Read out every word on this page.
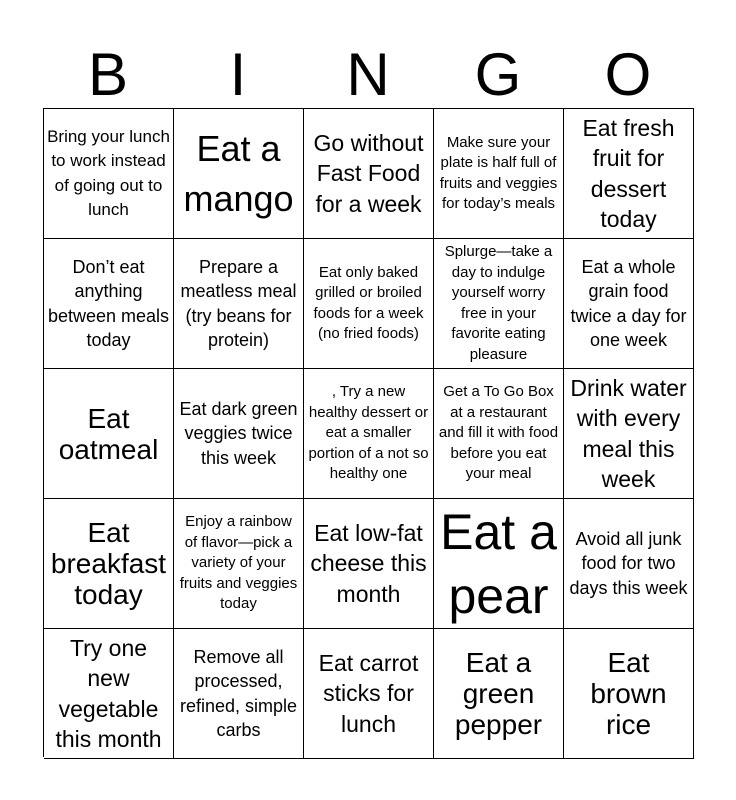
B	I	N	G	O
Bring your lunch to work instead of going out to lunch
Eat a mango
Go without Fast Food for a week
Make sure your plate is half full of fruits and veggies for today’s meals
Eat fresh fruit for dessert today
Don’t eat anything between meals today
Prepare a meatless meal (try beans for protein)
Eat only baked grilled or broiled foods for a week (no fried foods)
Splurge—take a day to indulge yourself worry free in your favorite eating pleasure
Eat a whole grain food twice a day for one week
Eat oatmeal
Eat dark green veggies twice this week
, Try a new healthy dessert or eat a smaller portion of a not so healthy one
Get a To Go Box at a restaurant and fill it with food before you eat your meal
Drink water with every meal this week
Eat breakfast today
Enjoy a rainbow of flavor—pick a variety of your fruits and veggies today
Eat low-fat cheese this month
Eat a pear
Avoid all junk food for two days this week
Try one new vegetable this month
Remove all processed, refined, simple carbs
Eat carrot sticks for lunch
Eat a green pepper
Eat brown rice
